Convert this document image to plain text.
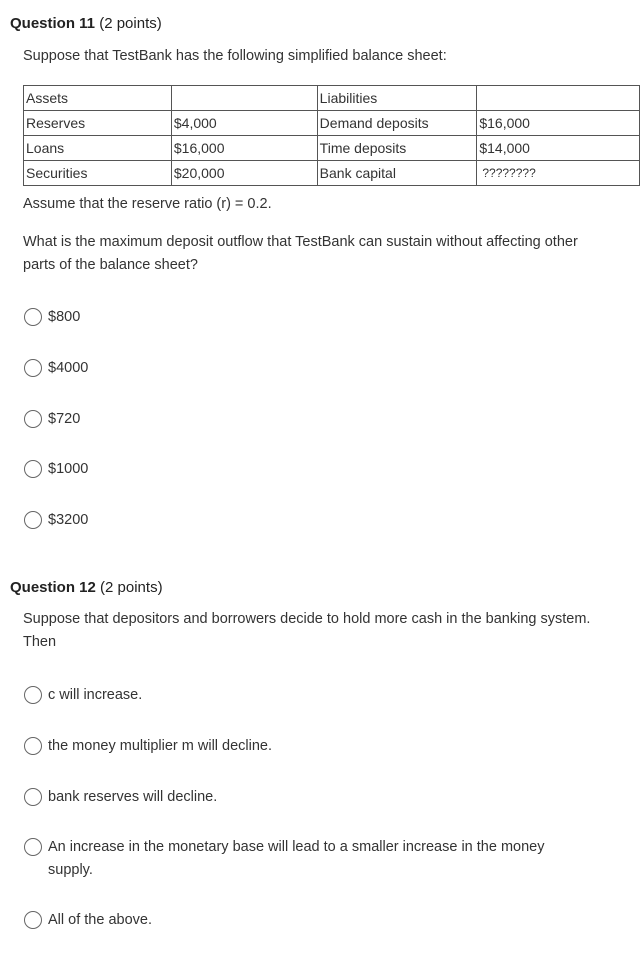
Question 11 (2 points)
Suppose that TestBank has the following simplified balance sheet:
Assets		Liabilities	
Reserves	$4,000	Demand deposits	$16,000
Loans	$16,000	Time deposits	$14,000
Securities	$20,000	Bank capital	????????
Assume that the reserve ratio (r) = 0.2.
What is the maximum deposit outflow that TestBank can sustain without affecting other parts of the balance sheet?
$800
$4000
$720
$1000
$3200
Question 12 (2 points)
Suppose that depositors and borrowers decide to hold more cash in the banking system. Then
c will increase.
the money multiplier m will decline.
bank reserves will decline.
An increase in the monetary base will lead to a smaller increase in the money supply.
All of the above.
